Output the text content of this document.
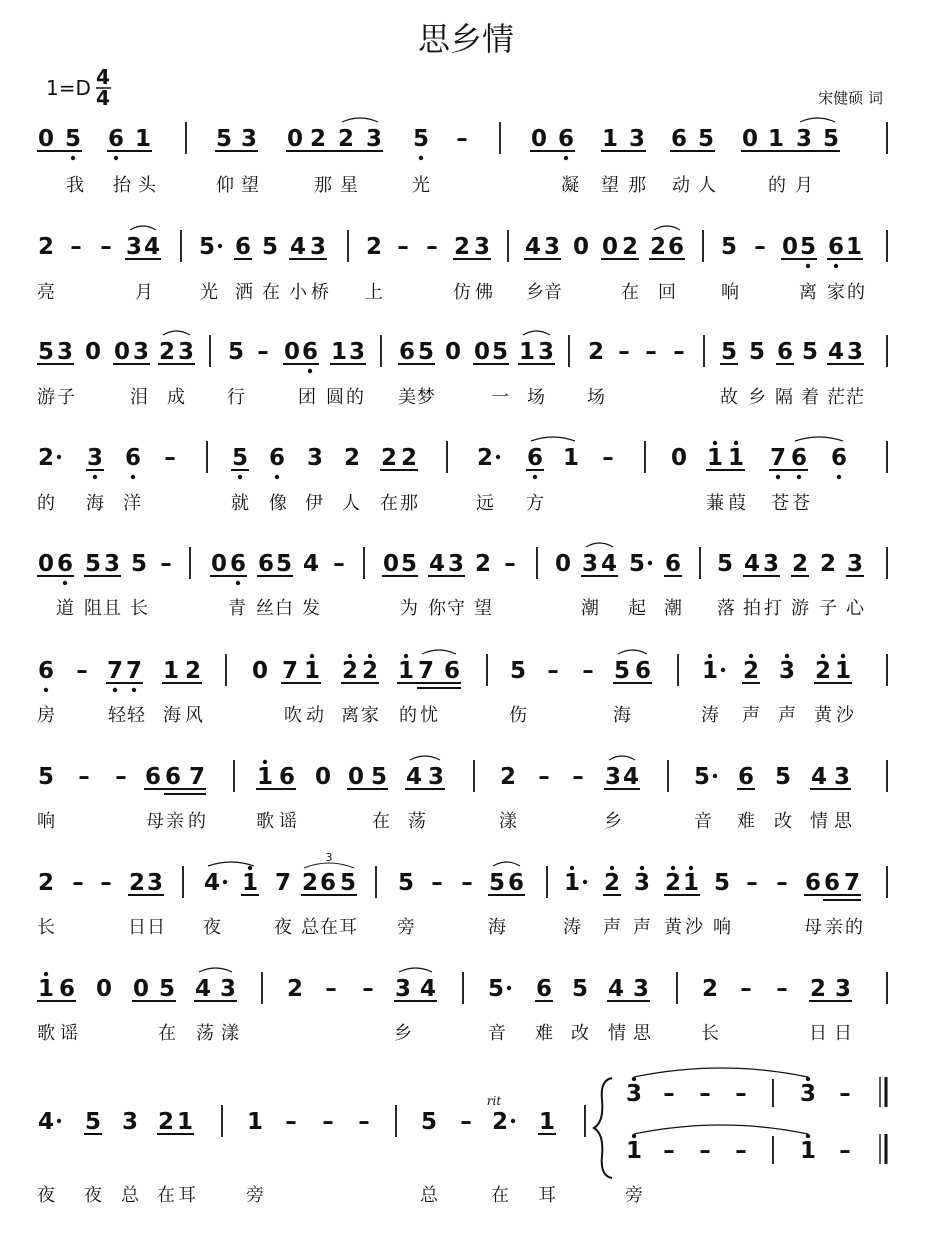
思乡情
1=D 4
4	宋健硕 词
rit
0 5 6 1	5 3 0 2 2 3 5 –	0 6 1 3 6 5 0 1 3 5
2 – – 3 4 5 6 5 4 3 2 – – 2 3 4 3 0 0 2 2 6 5 – 0 5 6 1
5 3 0 0 3 2 3 5 – 0 6 1 3 6 5 0 0 5 1 3 2 – – – 5 5 6 5 4 3
2 3 6 – 5 6 3 2 2 2	2 6 1 – 0 1 1 7 6 6
0 6 5 3 5 – 0 6 6 5 4 – 0 5 4 3 2 – 0 3 4 5 6 5 4 3 2 2 3
6 – 7 7 1 2 0 7 1 2 2 1 7 6 5 – – 5 6 1 2 3 2 1
5 – – 6 6 7 1 6 0 0 5 4 3 2 – – 3 4 5 6 5 4 3
2 – – 2 3 4 1 7 2 6 5 5 – – 5 6 1 2 3 2 1 5 – – 6 6 7
3
1 6 0 0 5 4 3 2 – – 3 4 5 6 5 4 3 2 – – 2 3
4 5 3 2 1 1 – – – 5 – 2 1
我 抬 头	仰 望	那 星	光	凝 望 那 动 人	的 月
亮	月	光 洒 在 小 桥 上	仿 佛 乡 音	在 回	响	离 家 的
游 子	泪 成 行	团 圆 的 美 梦	一 场 场	故 乡 隔 着 茫 茫
的 海 洋	就 像 伊 人 在 那	远 方	蒹 葭 苍 苍
道 阻 且 长	青 丝 白 发	为 你 守 望	潮 起 潮 落 拍 打 游 子 心
房	轻 轻 海 风	吹 动 离 家 的 忧	伤	海	涛 声 声 黄 沙
响	母 亲 的	歌 谣	在 荡	漾	乡	音 难 改 情 思
长	日 日 夜	夜 总 在 耳 旁	海	涛 声 声 黄 沙 响	母 亲 的
歌 谣	在 荡 漾	乡	音 难 改 情 思	长	日 日
夜 夜 总 在 耳	旁	总	在 耳	旁
3 – – – 3 –
1 – – – 1 –
